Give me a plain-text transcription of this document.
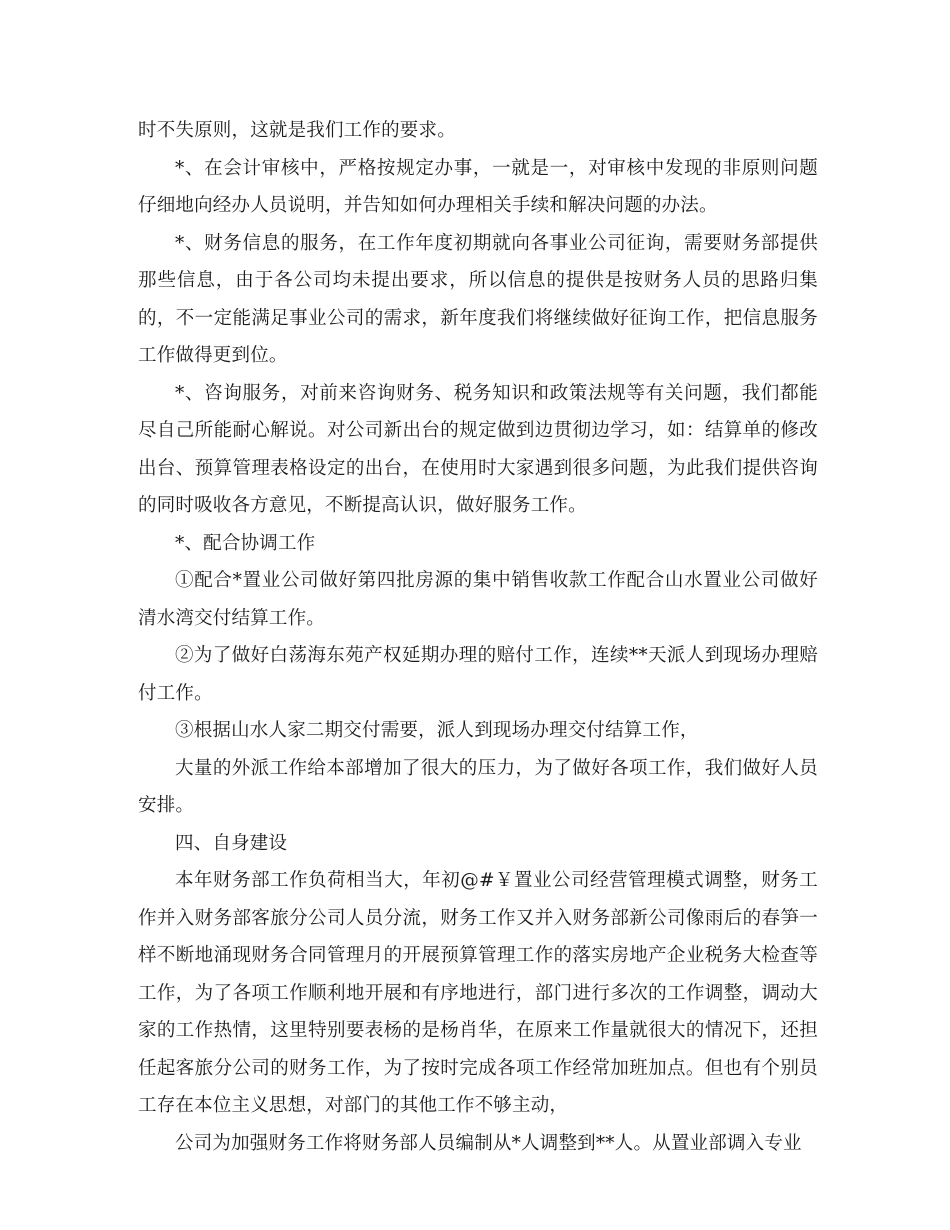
时不失原则，这就是我们工作的要求。

*、在会计审核中，严格按规定办事，一就是一，对审核中发现的非原则问题仔细地向经办人员说明，并告知如何办理相关手续和解决问题的办法。

*、财务信息的服务，在工作年度初期就向各事业公司征询，需要财务部提供那些信息，由于各公司均未提出要求，所以信息的提供是按财务人员的思路归集的，不一定能满足事业公司的需求，新年度我们将继续做好征询工作，把信息服务工作做得更到位。

*、咨询服务，对前来咨询财务、税务知识和政策法规等有关问题，我们都能尽自己所能耐心解说。对公司新出台的规定做到边贯彻边学习，如：结算单的修改出台、预算管理表格设定的出台，在使用时大家遇到很多问题，为此我们提供咨询的同时吸收各方意见，不断提高认识，做好服务工作。

*、配合协调工作

①配合*置业公司做好第四批房源的集中销售收款工作配合山水置业公司做好清水湾交付结算工作。

②为了做好白荡海东苑产权延期办理的赔付工作，连续**天派人到现场办理赔付工作。

③根据山水人家二期交付需要，派人到现场办理交付结算工作，

大量的外派工作给本部增加了很大的压力，为了做好各项工作，我们做好人员安排。

四、自身建设

本年财务部工作负荷相当大，年初@#￥置业公司经营管理模式调整，财务工作并入财务部客旅分公司人员分流，财务工作又并入财务部新公司像雨后的春笋一样不断地涌现财务合同管理月的开展预算管理工作的落实房地产企业税务大检查等工作，为了各项工作顺利地开展和有序地进行，部门进行多次的工作调整，调动大家的工作热情，这里特别要表杨的是杨肖华，在原来工作量就很大的情况下，还担任起客旅分公司的财务工作，为了按时完成各项工作经常加班加点。但也有个别员工存在本位主义思想，对部门的其他工作不够主动，

公司为加强财务工作将财务部人员编制从*人调整到**人。从置业部调入专业
